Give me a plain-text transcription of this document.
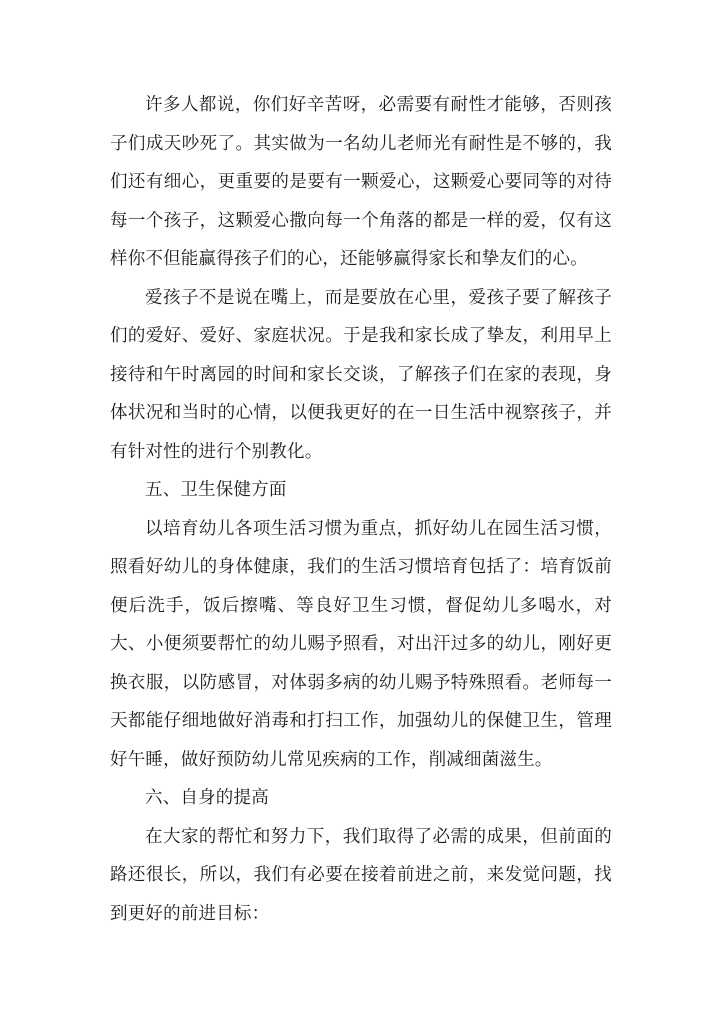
许多人都说，你们好辛苦呀，必需要有耐性才能够，否则孩子们成天吵死了。其实做为一名幼儿老师光有耐性是不够的，我们还有细心，更重要的是要有一颗爱心，这颗爱心要同等的对待每一个孩子，这颗爱心撒向每一个角落的都是一样的爱，仅有这样你不但能赢得孩子们的心，还能够赢得家长和挚友们的心。

爱孩子不是说在嘴上，而是要放在心里，爱孩子要了解孩子们的爱好、爱好、家庭状况。于是我和家长成了挚友，利用早上接待和午时离园的时间和家长交谈，了解孩子们在家的表现，身体状况和当时的心情，以便我更好的在一日生活中视察孩子，并有针对性的进行个别教化。

五、卫生保健方面

以培育幼儿各项生活习惯为重点，抓好幼儿在园生活习惯，照看好幼儿的身体健康，我们的生活习惯培育包括了：培育饭前便后洗手，饭后擦嘴、等良好卫生习惯，督促幼儿多喝水，对大、小便须要帮忙的幼儿赐予照看，对出汗过多的幼儿，刚好更换衣服，以防感冒，对体弱多病的幼儿赐予特殊照看。老师每一天都能仔细地做好消毒和打扫工作，加强幼儿的保健卫生，管理好午睡，做好预防幼儿常见疾病的工作，削减细菌滋生。

六、自身的提高

在大家的帮忙和努力下，我们取得了必需的成果，但前面的路还很长，所以，我们有必要在接着前进之前，来发觉问题，找到更好的前进目标：
